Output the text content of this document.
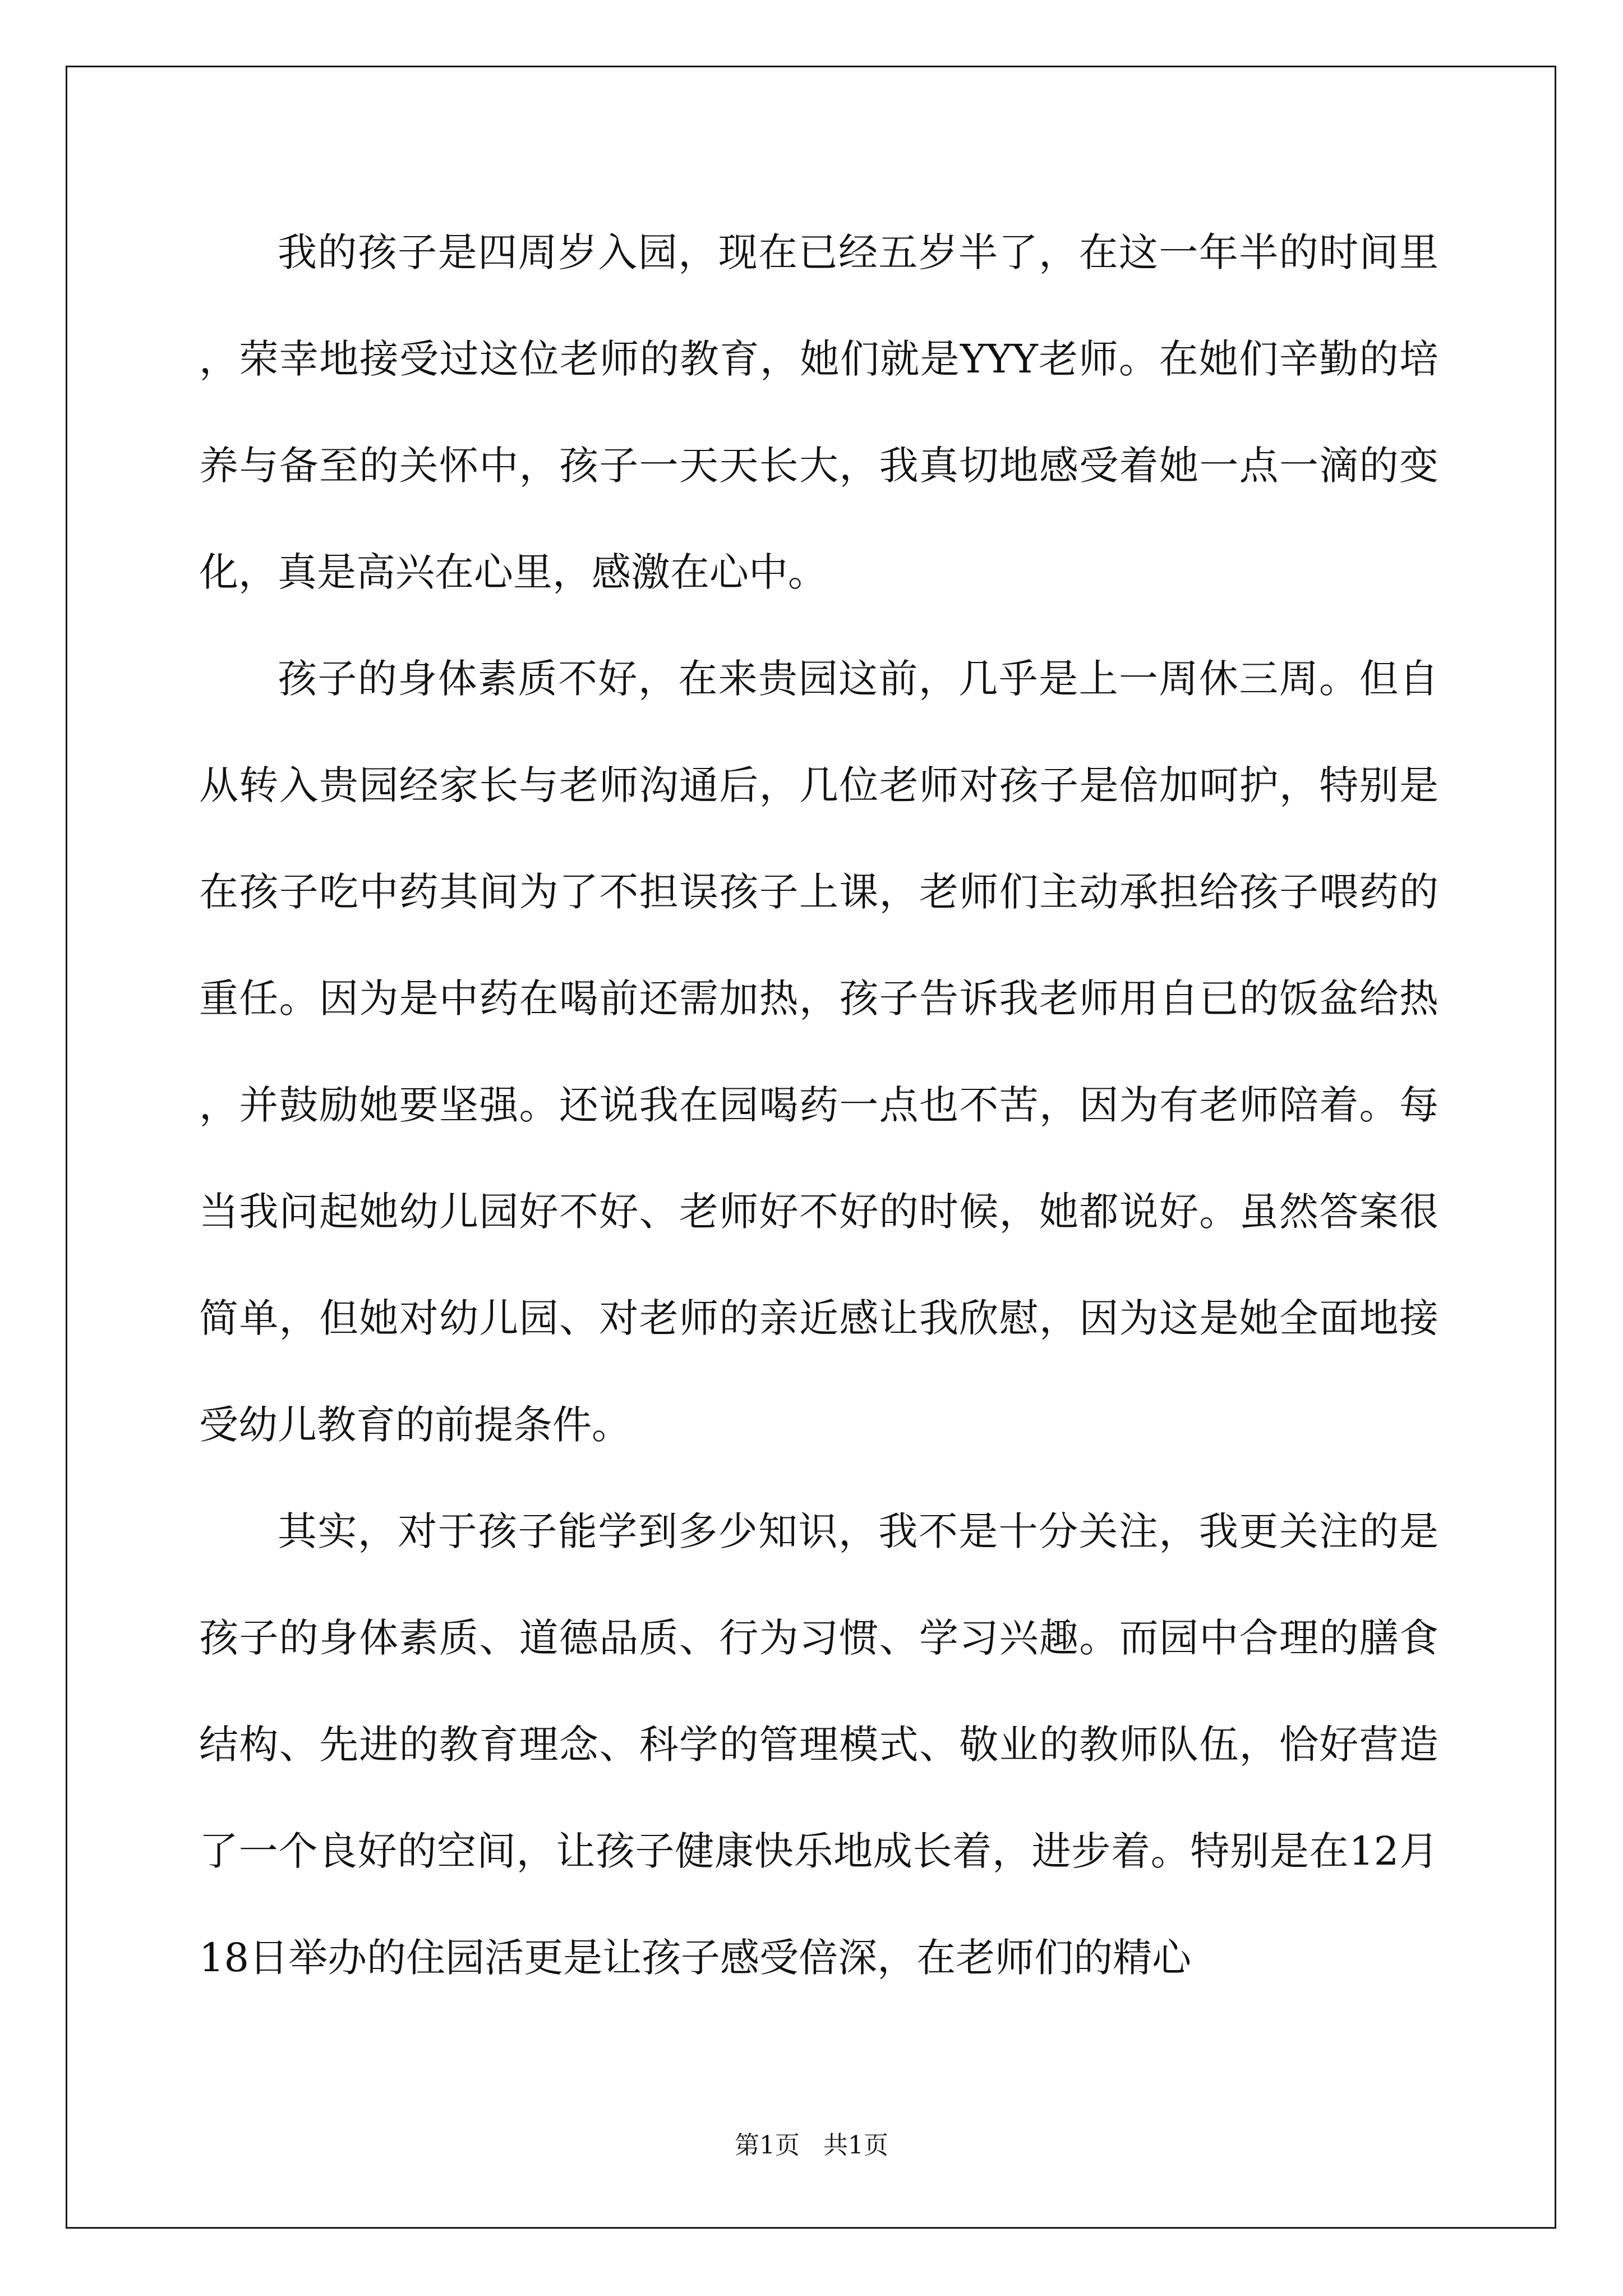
我的孩子是四周岁入园，现在已经五岁半了，在这一年半的时间里，荣幸地接受过这位老师的教育，她们就是YYY老师。在她们辛勤的培养与备至的关怀中，孩子一天天长大，我真切地感受着她一点一滴的变化，真是高兴在心里，感激在心中。

孩子的身体素质不好，在来贵园这前，几乎是上一周休三周。但自从转入贵园经家长与老师沟通后，几位老师对孩子是倍加呵护，特别是在孩子吃中药其间为了不担误孩子上课，老师们主动承担给孩子喂药的重任。因为是中药在喝前还需加热，孩子告诉我老师用自已的饭盆给热，并鼓励她要坚强。还说我在园喝药一点也不苦，因为有老师陪着。每当我问起她幼儿园好不好、老师好不好的时候，她都说好。虽然答案很简单，但她对幼儿园、对老师的亲近感让我欣慰，因为这是她全面地接受幼儿教育的前提条件。

其实，对于孩子能学到多少知识，我不是十分关注，我更关注的是孩子的身体素质、道德品质、行为习惯、学习兴趣。而园中合理的膳食结构、先进的教育理念、科学的管理模式、敬业的教师队伍，恰好营造了一个良好的空间，让孩子健康快乐地成长着，进步着。特别是在12月18日举办的住园活更是让孩子感受倍深，在老师们的精心

第1页   共1页
